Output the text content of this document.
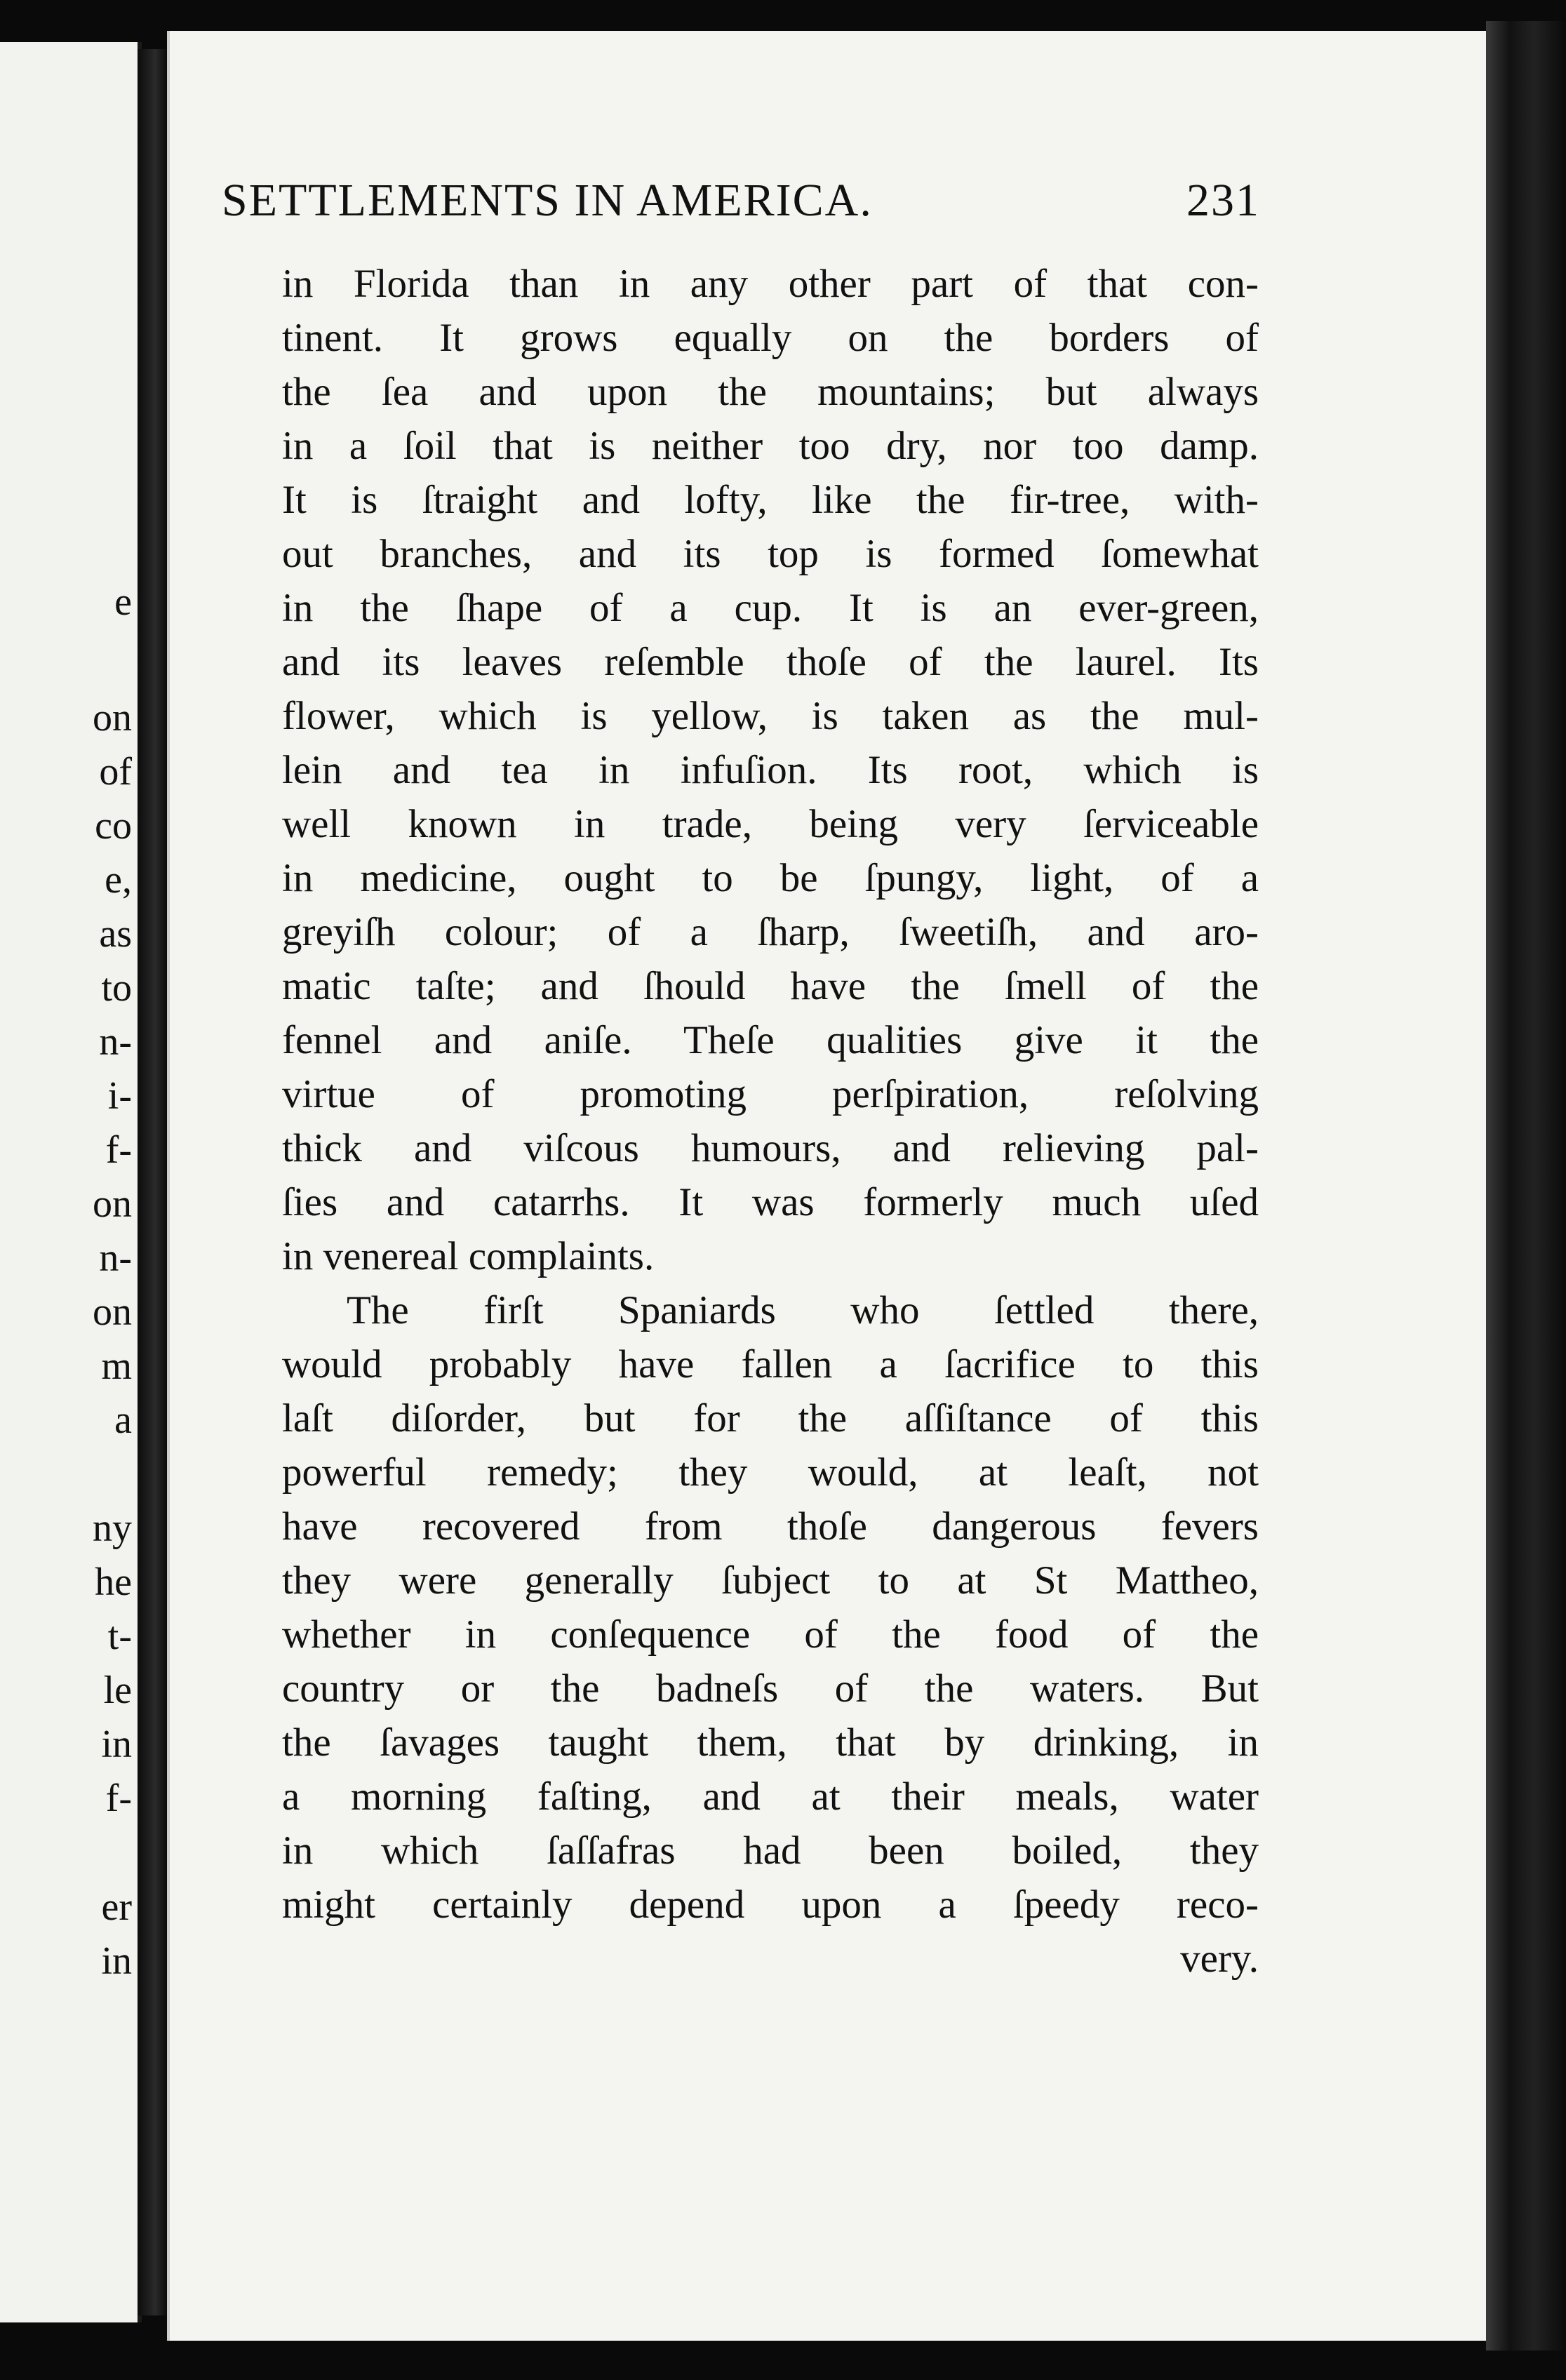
e
on
of
co
e,
as
to
n-
i-
f-
on
n-
on
m
a
ny
he
t-
le
in
f-
er
in
SETTLEMENTS IN AMERICA.	231
in Florida than in any other part of that con-
tinent. It grows equally on the borders of
the ſea and upon the mountains; but always
in a ſoil that is neither too dry, nor too damp.
It is ſtraight and lofty, like the fir-tree, with-
out branches, and its top is formed ſomewhat
in the ſhape of a cup. It is an ever-green,
and its leaves reſemble thoſe of the laurel. Its
flower, which is yellow, is taken as the mul-
lein and tea in infuſion. Its root, which is
well known in trade, being very ſerviceable
in medicine, ought to be ſpungy, light, of a
greyiſh colour; of a ſharp, ſweetiſh, and aro-
matic taſte; and ſhould have the ſmell of the
fennel and aniſe. Theſe qualities give it the
virtue of promoting perſpiration, reſolving
thick and viſcous humours, and relieving pal-
ſies and catarrhs. It was formerly much uſed
in venereal complaints.
The firſt Spaniards who ſettled there,
would probably have fallen a ſacrifice to this
laſt diſorder, but for the aſſiſtance of this
powerful remedy; they would, at leaſt, not
have recovered from thoſe dangerous fevers
they were generally ſubject to at St Mattheo,
whether in conſequence of the food of the
country or the badneſs of the waters. But
the ſavages taught them, that by drinking, in
a morning faſting, and at their meals, water
in which ſaſſafras had been boiled, they
might certainly depend upon a ſpeedy reco-
very.
